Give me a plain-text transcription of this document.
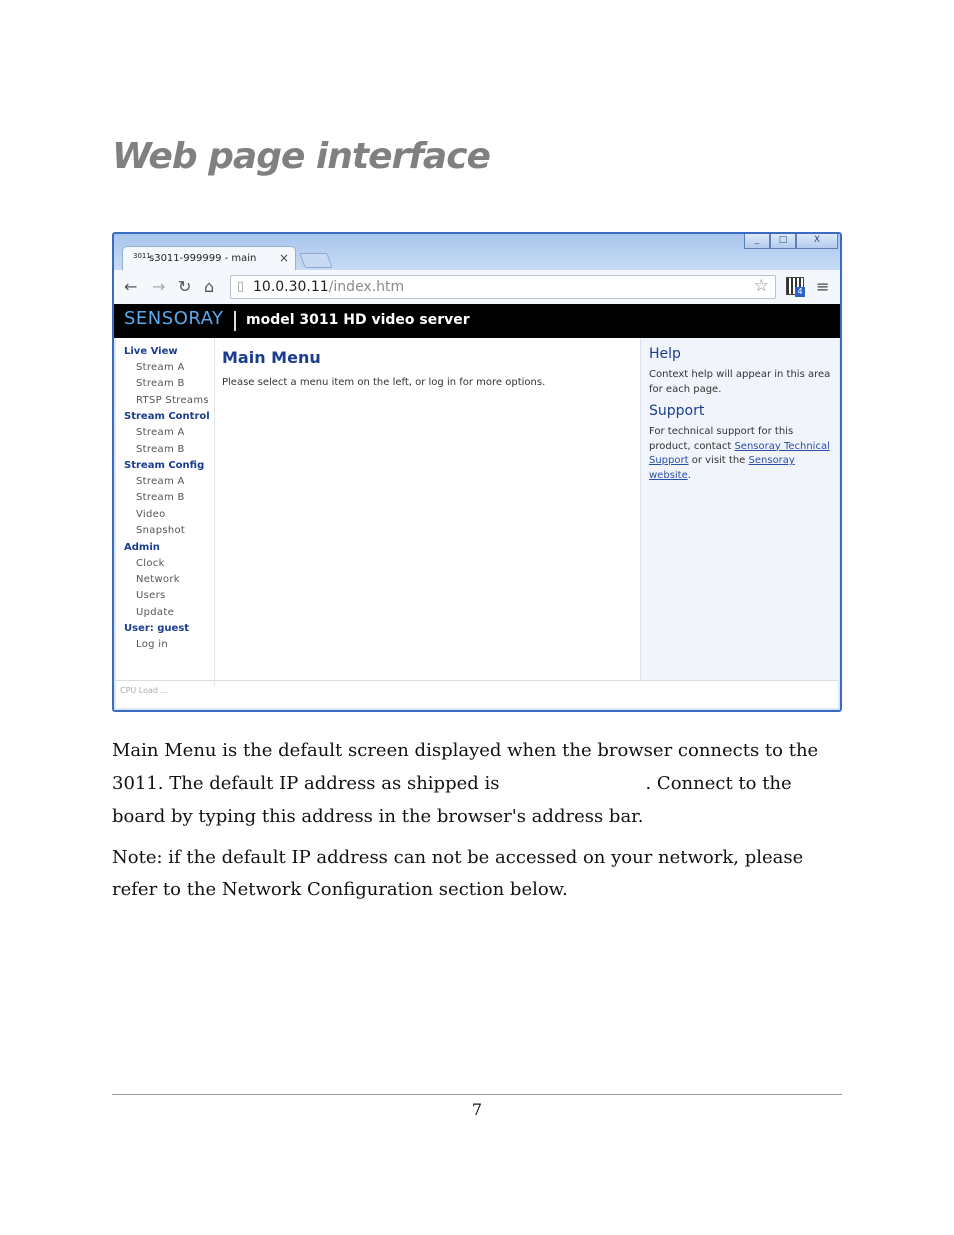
Web page interface
_	□	X
3011
s3011-999999 - main ×
← → ↻ ⌂ ▯ 10.0.30.11/index.htm	☆	4 ≡
SENSORAY model 3011 HD video server
Live View
Stream A
Stream B
RTSP Streams
Stream Control
Stream A
Stream B
Stream Config
Stream A
Stream B
Video
Snapshot
Admin
Clock
Network
Users
Update
User: guest
Log in
Main Menu
Please select a menu item on the left, or log in for more options.
Help
Context help will appear in this area for each page.
Support
For technical support for this product, contact Sensoray Technical Support or visit the Sensoray website.
CPU Load ...

Main Menu is the default screen displayed when the browser connects to the 3011. The default IP address as shipped is	. Connect to the board by typing this address in the browser's address bar.

Note: if the default IP address can not be accessed on your network, please refer to the Network Configuration section below.

7
